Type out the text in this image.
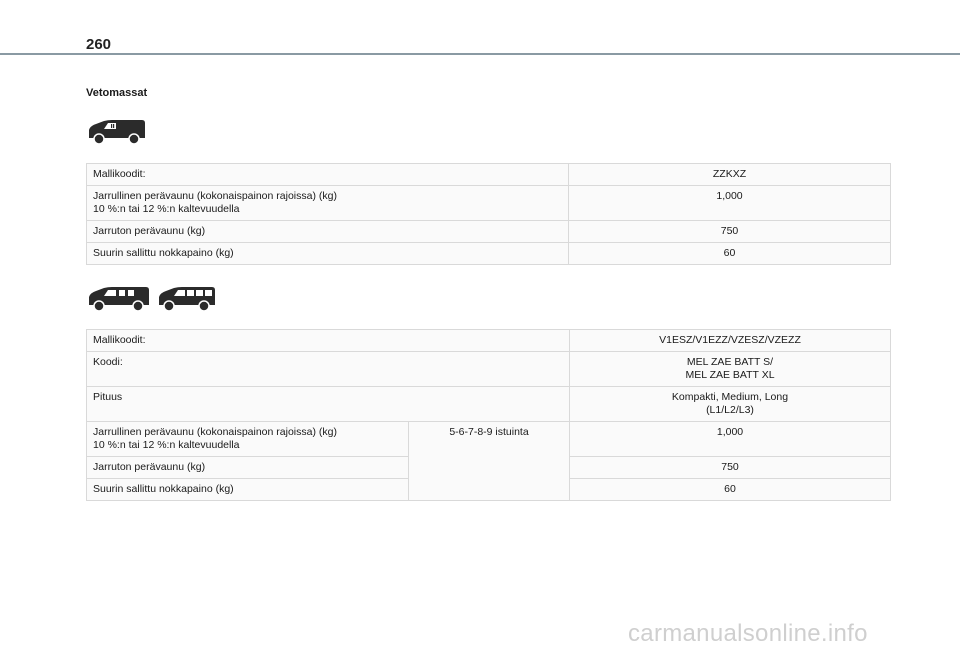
260
Vetomassat
Mallikoodit:	ZZKXZ

Jarrullinen perävaunu (kokonaispainon rajoissa) (kg)
10 %:n tai 12 %:n kaltevuudella	1,000

Jarruton perävaunu (kg)	750

Suurin sallittu nokkapaino (kg)	60
Mallikoodit:		V1ESZ/V1EZZ/VZESZ/VZEZZ

Koodi:		MEL ZAE BATT S/
MEL ZAE BATT XL

Pituus		Kompakti, Medium, Long
(L1/L2/L3)

Jarrullinen perävaunu (kokonaispainon rajoissa) (kg)
10 %:n tai 12 %:n kaltevuudella	5-6-7-8-9 istuinta	1,000

Jarruton perävaunu (kg)		750

Suurin sallittu nokkapaino (kg)		60
carmanualsonline.info
